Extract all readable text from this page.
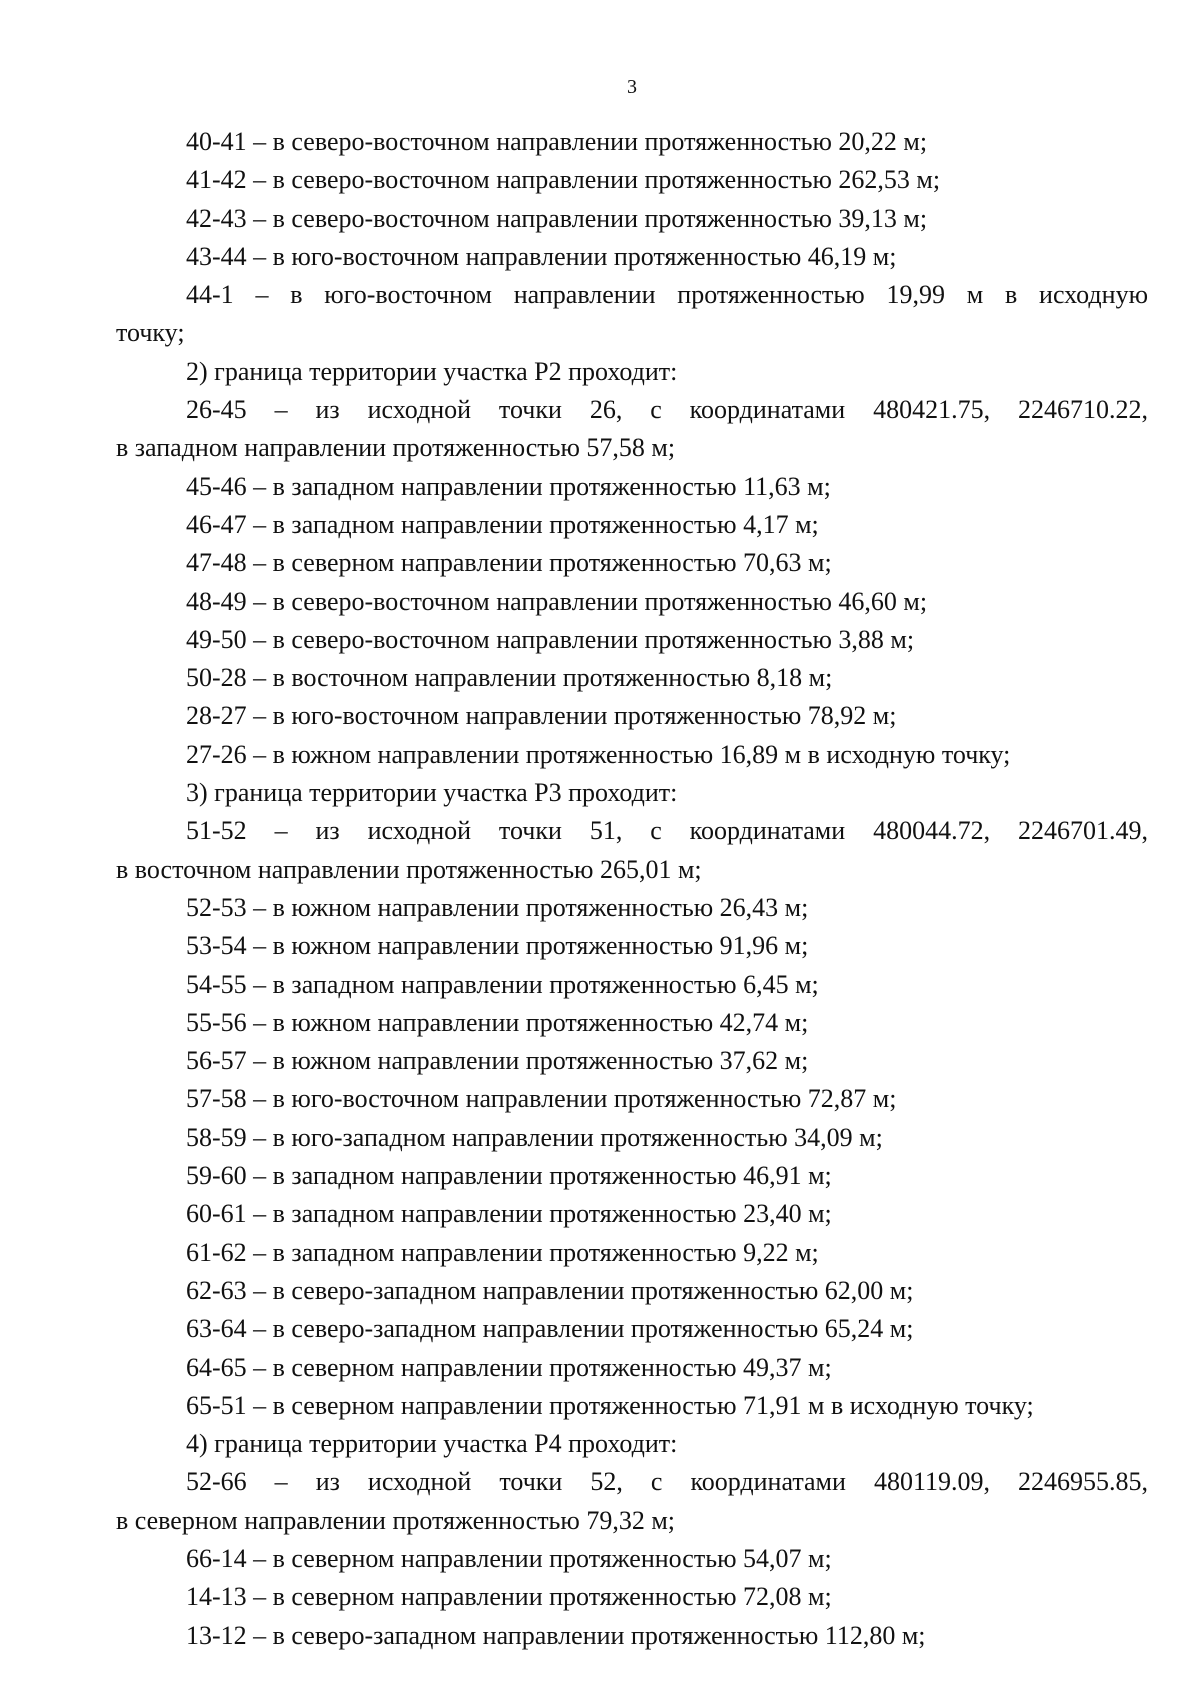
3

40-41 – в северо-восточном направлении протяженностью 20,22 м;

41-42 – в северо-восточном направлении протяженностью 262,53 м;

42-43 – в северо-восточном направлении протяженностью 39,13 м;

43-44 – в юго-восточном направлении протяженностью 46,19 м;

44-1 – в юго-восточном направлении протяженностью 19,99 м в исходную

точку;

2) граница территории участка Р2 проходит:

26-45 – из исходной точки 26, с координатами 480421.75, 2246710.22,

в западном направлении протяженностью 57,58 м;

45-46 – в западном направлении протяженностью 11,63 м;

46-47 – в западном направлении протяженностью 4,17 м;

47-48 – в северном направлении протяженностью 70,63 м;

48-49 – в северо-восточном направлении протяженностью 46,60 м;

49-50 – в северо-восточном направлении протяженностью 3,88 м;

50-28 – в восточном направлении протяженностью 8,18 м;

28-27 – в юго-восточном направлении протяженностью 78,92 м;

27-26 – в южном направлении протяженностью 16,89 м в исходную точку;

3) граница территории участка Р3 проходит:

51-52 – из исходной точки 51, с координатами 480044.72, 2246701.49,

в восточном направлении протяженностью 265,01 м;

52-53 – в южном направлении протяженностью 26,43 м;

53-54 – в южном направлении протяженностью 91,96 м;

54-55 – в западном направлении протяженностью 6,45 м;

55-56 – в южном направлении протяженностью 42,74 м;

56-57 – в южном направлении протяженностью 37,62 м;

57-58 – в юго-восточном направлении протяженностью 72,87 м;

58-59 – в юго-западном направлении протяженностью 34,09 м;

59-60 – в западном направлении протяженностью 46,91 м;

60-61 – в западном направлении протяженностью 23,40 м;

61-62 – в западном направлении протяженностью 9,22 м;

62-63 – в северо-западном направлении протяженностью 62,00 м;

63-64 – в северо-западном направлении протяженностью 65,24 м;

64-65 – в северном направлении протяженностью 49,37 м;

65-51 – в северном направлении протяженностью 71,91 м в исходную точку;

4) граница территории участка Р4 проходит:

52-66 – из исходной точки 52, с координатами 480119.09, 2246955.85,

в северном направлении протяженностью 79,32 м;

66-14 – в северном направлении протяженностью 54,07 м;

14-13 – в северном направлении протяженностью 72,08 м;

13-12 – в северо-западном направлении протяженностью 112,80 м;
